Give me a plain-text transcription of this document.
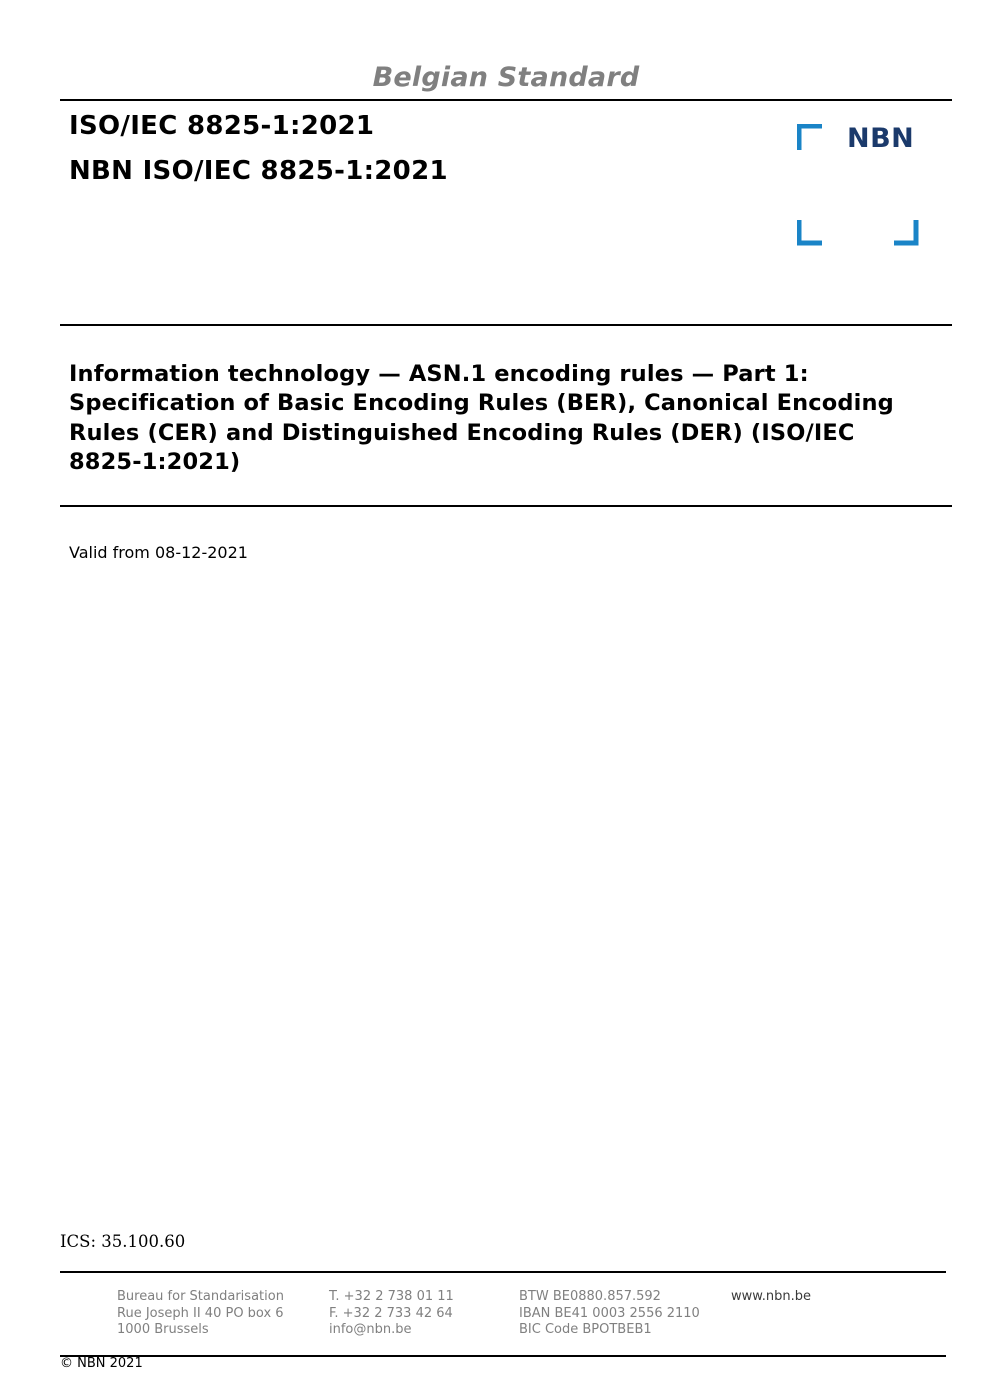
Belgian Standard
ISO/IEC 8825-1:2021
NBN ISO/IEC 8825-1:2021
NBN
Information technology — ASN.1 encoding rules — Part 1:
Specification of Basic Encoding Rules (BER), Canonical Encoding
Rules (CER) and Distinguished Encoding Rules (DER) (ISO/IEC
8825-1:2021)
Valid from 08-12-2021
ICS: 35.100.60
Bureau for Standarisation
Rue Joseph II 40 PO box 6
1000 Brussels
T. +32 2 738 01 11
F. +32 2 733 42 64
info@nbn.be
BTW BE0880.857.592
IBAN BE41 0003 2556 2110
BIC Code BPOTBEB1
www.nbn.be
© NBN 2021
